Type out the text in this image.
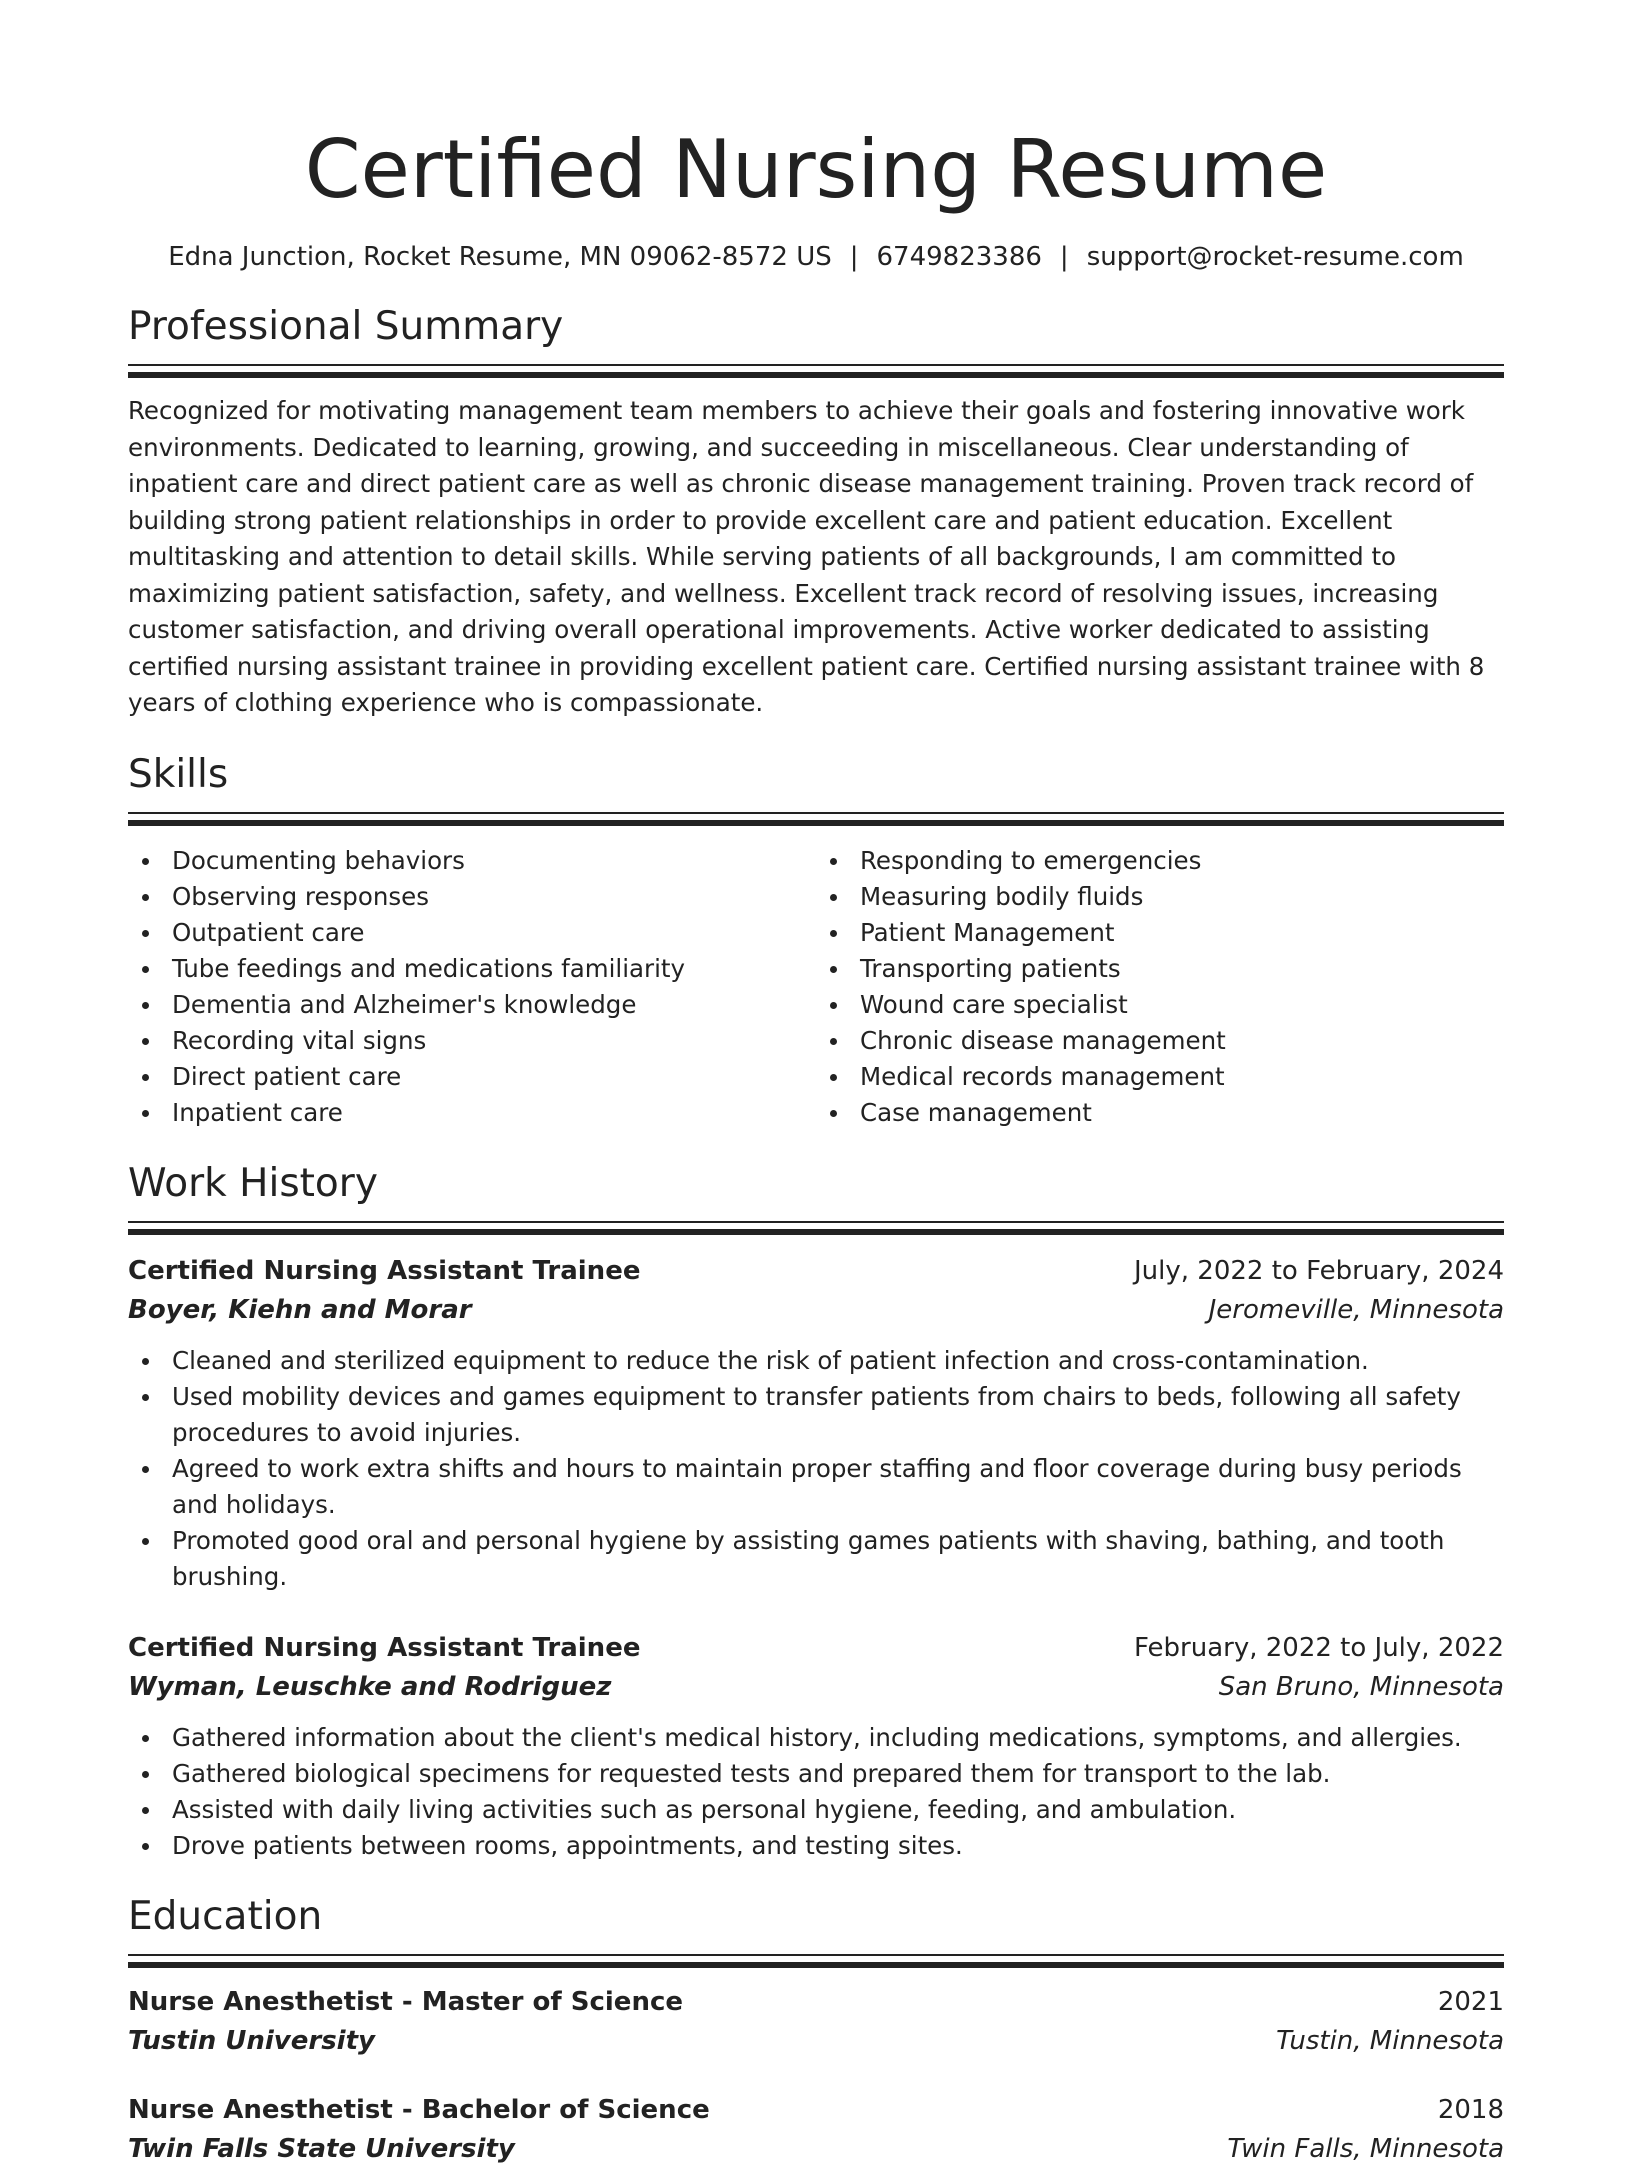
Certified Nursing Resume
Edna Junction, Rocket Resume, MN 09062-8572 US | 6749823386 | support@rocket-resume.com
Professional Summary

Recognized for motivating management team members to achieve their goals and fostering innovative work environments. Dedicated to learning, growing, and succeeding in miscellaneous. Clear understanding of inpatient care and direct patient care as well as chronic disease management training. Proven track record of building strong patient relationships in order to provide excellent care and patient education. Excellent multitasking and attention to detail skills. While serving patients of all backgrounds, I am committed to maximizing patient satisfaction, safety, and wellness. Excellent track record of resolving issues, increasing customer satisfaction, and driving overall operational improvements. Active worker dedicated to assisting certified nursing assistant trainee in providing excellent patient care. Certified nursing assistant trainee with 8 years of clothing experience who is compassionate.

Skills
Documenting behaviors
Observing responses
Outpatient care
Tube feedings and medications familiarity
Dementia and Alzheimer's knowledge
Recording vital signs
Direct patient care
Inpatient care
Responding to emergencies
Measuring bodily fluids
Patient Management
Transporting patients
Wound care specialist
Chronic disease management
Medical records management
Case management
Work History
Certified Nursing Assistant Trainee	July, 2022 to February, 2024
Boyer, Kiehn and Morar	Jeromeville, Minnesota
Cleaned and sterilized equipment to reduce the risk of patient infection and cross-contamination.
Used mobility devices and games equipment to transfer patients from chairs to beds, following all safety procedures to avoid injuries.
Agreed to work extra shifts and hours to maintain proper staffing and floor coverage during busy periods and holidays.
Promoted good oral and personal hygiene by assisting games patients with shaving, bathing, and tooth brushing.
Certified Nursing Assistant Trainee	February, 2022 to July, 2022
Wyman, Leuschke and Rodriguez	San Bruno, Minnesota
Gathered information about the client's medical history, including medications, symptoms, and allergies.
Gathered biological specimens for requested tests and prepared them for transport to the lab.
Assisted with daily living activities such as personal hygiene, feeding, and ambulation.
Drove patients between rooms, appointments, and testing sites.
Education
Nurse Anesthetist - Master of Science	2021
Tustin University	Tustin, Minnesota
Nurse Anesthetist - Bachelor of Science	2018
Twin Falls State University	Twin Falls, Minnesota
